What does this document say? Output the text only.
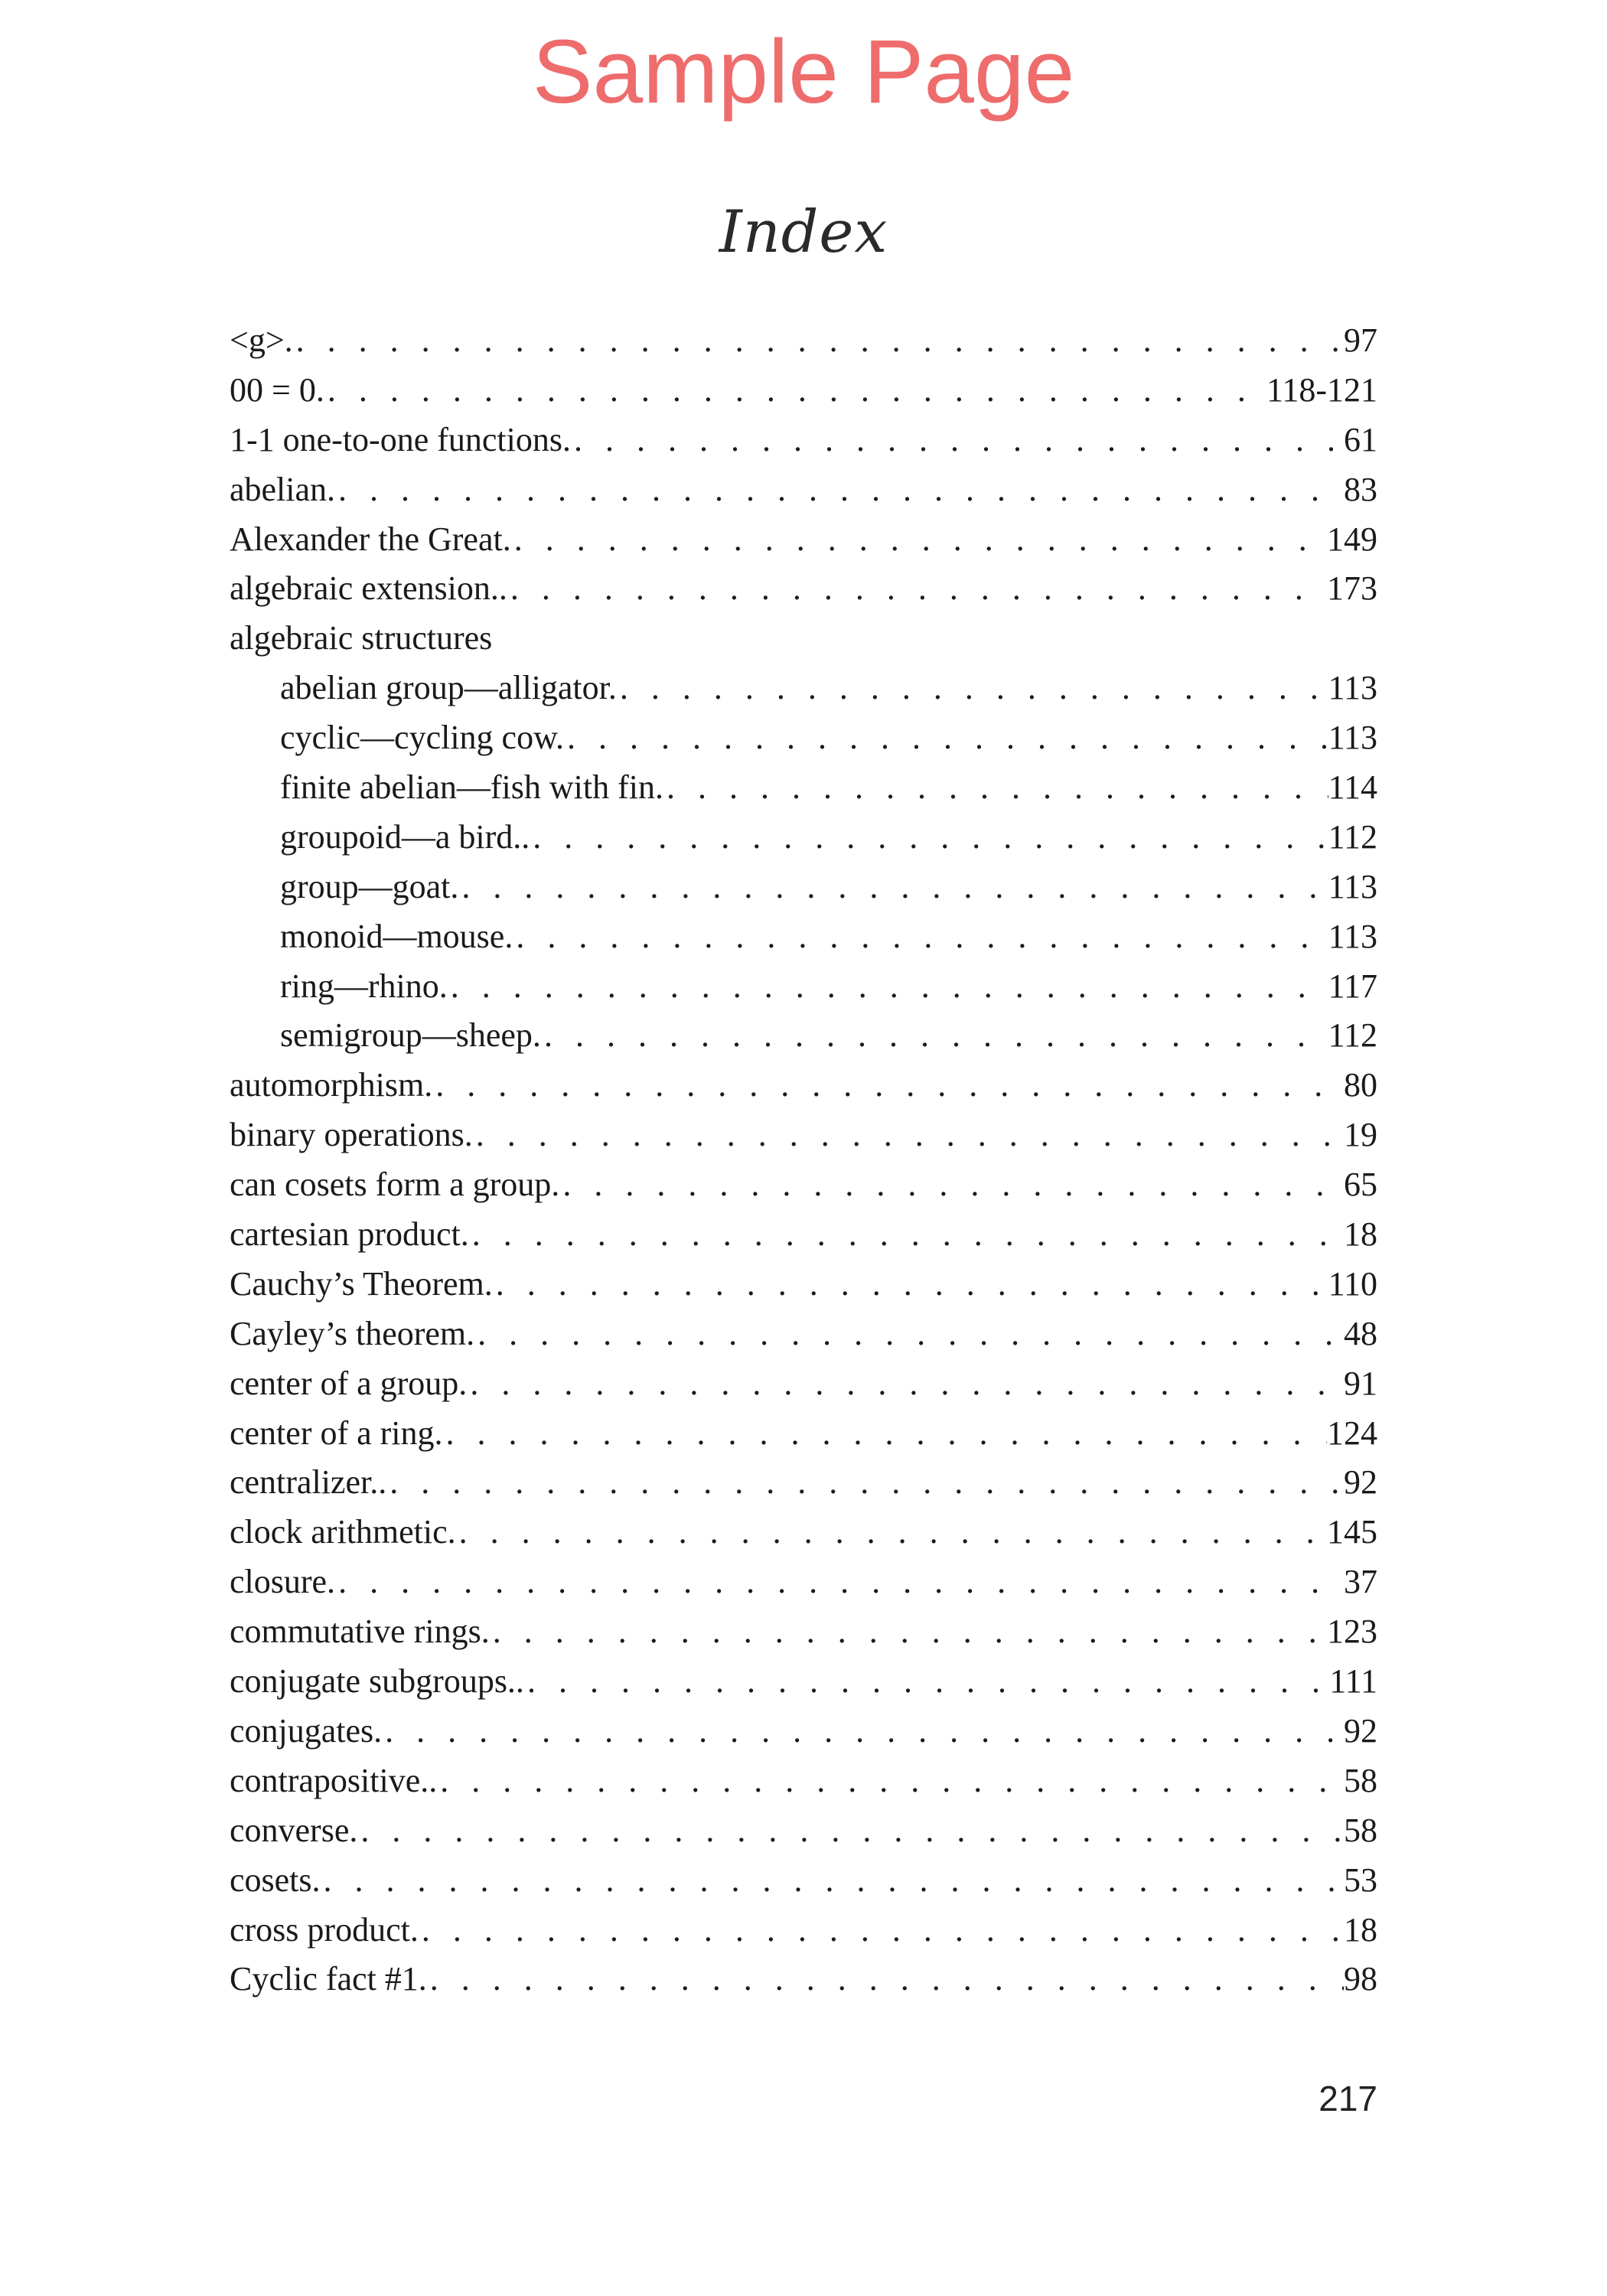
Sample Page
Index
<g>. . . .	97
00 = 0. . . .	118-121
1-1 one-to-one functions. . . .	61
abelian. . . .	83
Alexander the Great. . . .	149
algebraic extension.. . . .	173
algebraic structures
abelian group—alligator. . . .	113
cyclic—cycling cow. . . .	113
finite abelian—fish with fin. . . .	114
groupoid—a bird.. . . .	112
group—goat. . . .	113
monoid—mouse. . . .	113
ring—rhino. . . .	117
semigroup—sheep. . . .	112
automorphism. . . .	80
binary operations. . . .	19
can cosets form a group. . . .	65
cartesian product. . . .	18
Cauchy’s Theorem. . . .	110
Cayley’s theorem. . . .	48
center of a group. . . .	91
center of a ring. . . .	124
centralizer.. . . .	92
clock arithmetic. . . .	145
closure. . . .	37
commutative rings. . . .	123
conjugate subgroups.. . . .	111
conjugates. . . .	92
contrapositive.. . . .	58
converse. . . .	58
cosets. . . .	53
cross product. . . .	18
Cyclic fact #1. . . .	98
217
